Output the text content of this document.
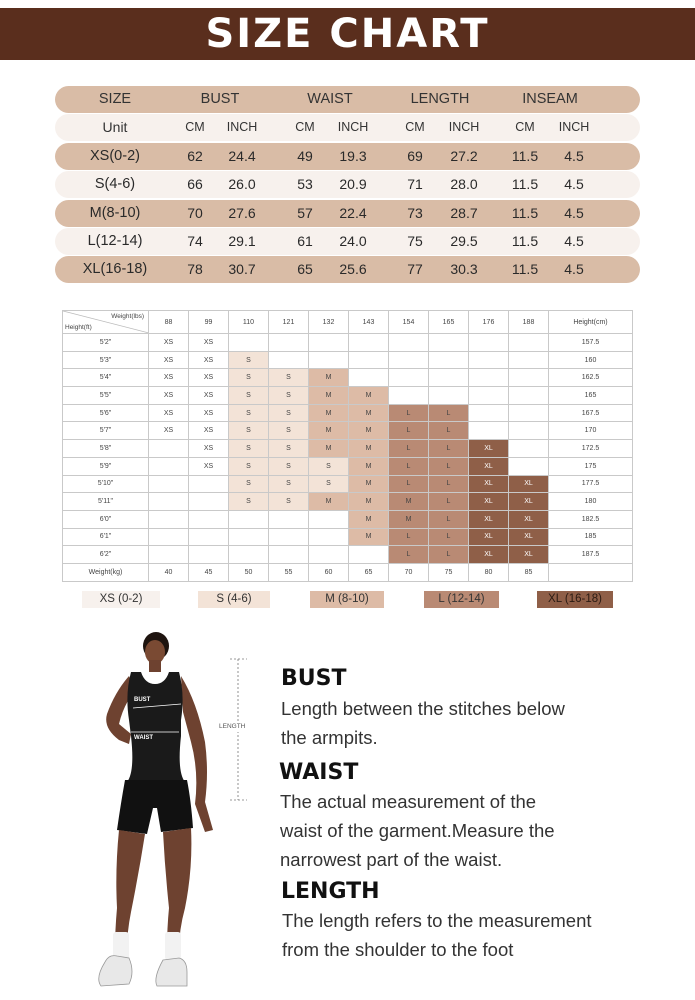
SIZE CHART
SIZE	BUST	WAIST	LENGTH	INSEAM
Unit	CM	INCH	CM	INCH	CM	INCH	CM	INCH
XS(0-2)	62	24.4	49	19.3	69	27.2	11.5	4.5
S(4-6)	66	26.0	53	20.9	71	28.0	11.5	4.5
M(8-10)	70	27.6	57	22.4	73	28.7	11.5	4.5
L(12-14)	74	29.1	61	24.0	75	29.5	11.5	4.5
XL(16-18)	78	30.7	65	25.6	77	30.3	11.5	4.5
Weight(lbs)
Height(ft)	88	99	110	121	132	143	154	165	176	188	Height(cm)
5'2"	XS	XS									157.5
5'3"	XS	XS	S								160
5'4"	XS	XS	S	S	M						162.5
5'5"	XS	XS	S	S	M	M					165
5'6"	XS	XS	S	S	M	M	L	L			167.5
5'7"	XS	XS	S	S	M	M	L	L			170
5'8"		XS	S	S	M	M	L	L	XL		172.5
5'9"		XS	S	S	S	M	L	L	XL		175
5'10"			S	S	S	M	L	L	XL	XL	177.5
5'11"			S	S	M	M	M	L	XL	XL	180
6'0"						M	M	L	XL	XL	182.5
6'1"						M	L	L	XL	XL	185
6'2"							L	L	XL	XL	187.5
Weight(kg)	40	45	50	55	60	65	70	75	80	85	
XS (0-2)	S (4-6)	M (8-10)	L (12-14)	XL (16-18)
BUST
WAIST
LENGTH
BUST
Length between the stitches below
the armpits.
WAIST
The actual measurement of the
waist of the garment.Measure the
narrowest part of the waist.
LENGTH
The length refers to the measurement
from the shoulder to the foot
